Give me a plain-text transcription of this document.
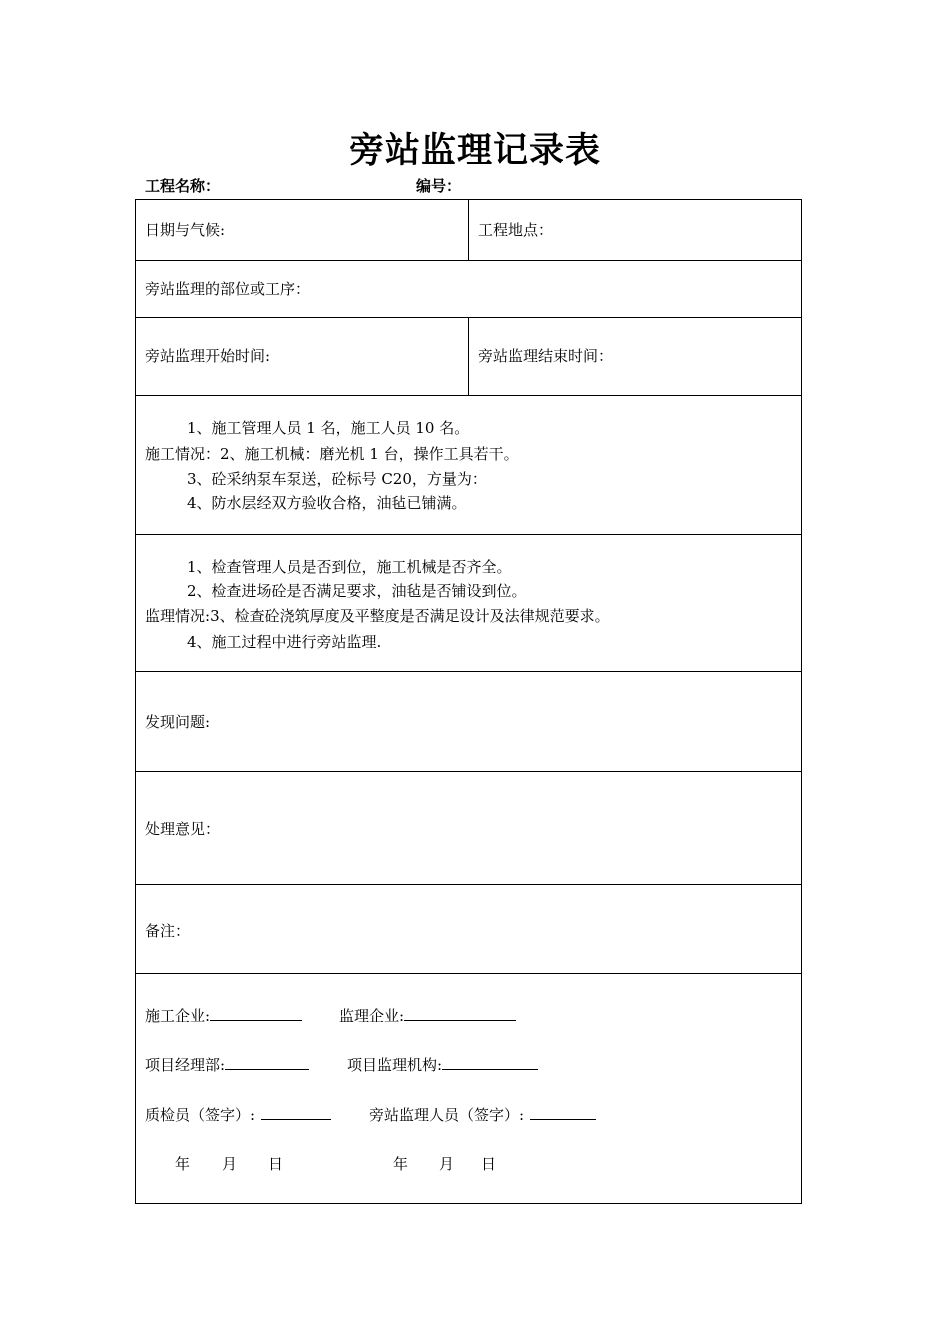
旁站监理记录表
工程名称：	编号：
日期与气候:	工程地点：
旁站监理的部位或工序：
旁站监理开始时间:	旁站监理结束时间：
1、施工管理人员 1 名，施工人员 10 名。
施工情况：2、施工机械：磨光机 1 台，操作工具若干。
3、砼采纳泵车泵送，砼标号 C20，方量为：
4、防水层经双方验收合格，油毡已铺满。
1、检查管理人员是否到位，施工机械是否齐全。
2、检查进场砼是否满足要求，油毡是否铺设到位。
监理情况:3、检查砼浇筑厚度及平整度是否满足设计及法律规范要求。
4、施工过程中进行旁站监理.
发现问题:
处理意见：
备注：
施工企业:	监理企业:
项目经理部:	项目监理机构:
质检员（签字）:	旁站监理人员（签字）:
年 月 日	年 月 日
